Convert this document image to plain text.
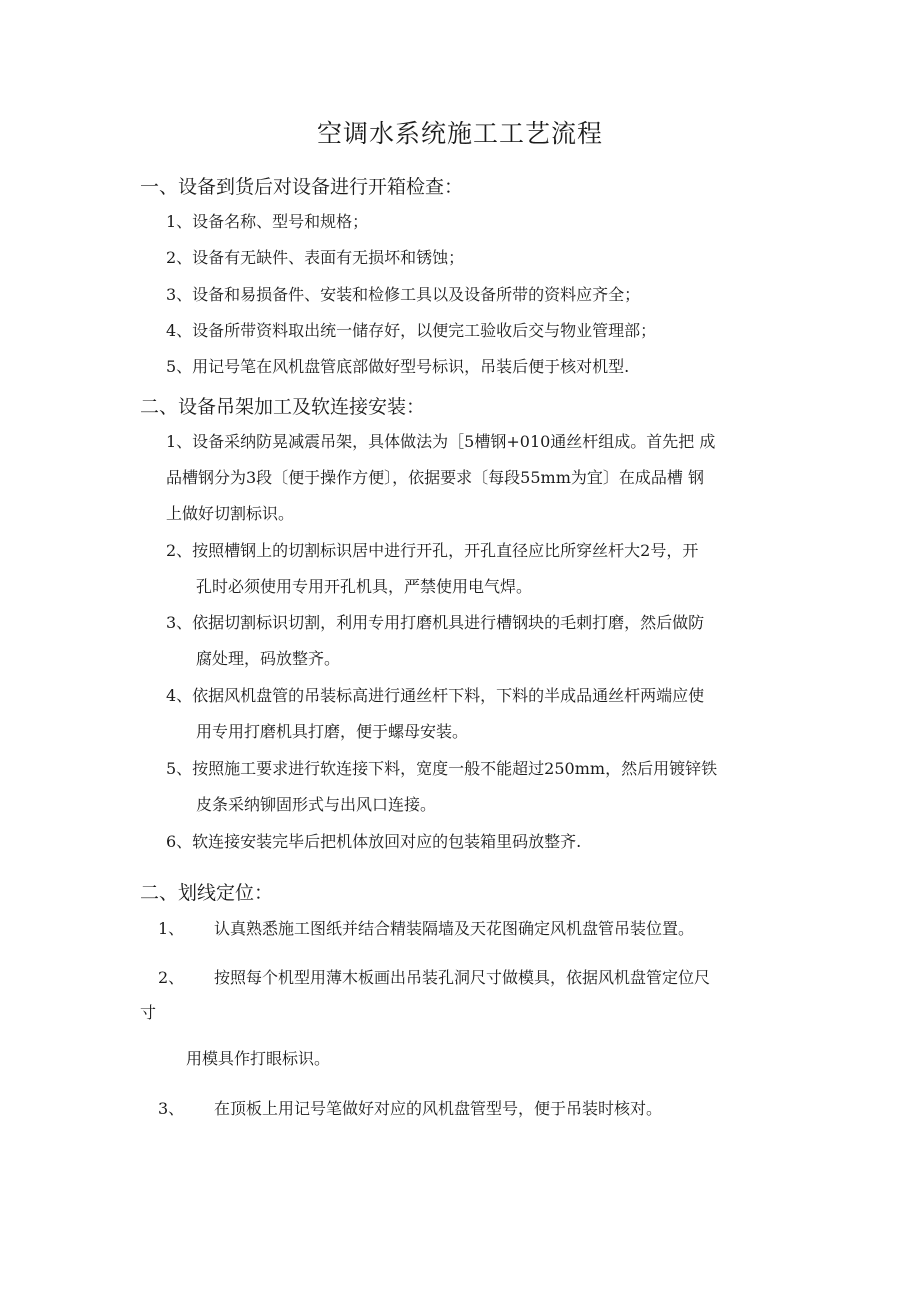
空调水系统施工工艺流程
一、设备到货后对设备进行开箱检查：
1、设备名称、型号和规格；
2、设备有无缺件、表面有无损坏和锈蚀；
3、设备和易损备件、安装和检修工具以及设备所带的资料应齐全；
4、设备所带资料取出统一储存好，以便完工验收后交与物业管理部；
5、用记号笔在风机盘管底部做好型号标识，吊装后便于核对机型.
二、设备吊架加工及软连接安装：
1、设备采纳防晃减震吊架，具体做法为［5槽钢+010通丝杆组成。首先把 成
品槽钢分为3段〔便于操作方便〕，依据要求〔每段55mm为宜〕在成品槽 钢
上做好切割标识。
2、按照槽钢上的切割标识居中进行开孔，开孔直径应比所穿丝杆大2号，开
孔时必须使用专用开孔机具，严禁使用电气焊。
3、依据切割标识切割，利用专用打磨机具进行槽钢块的毛刺打磨，然后做防
腐处理，码放整齐。
4、依据风机盘管的吊装标高进行通丝杆下料，下料的半成品通丝杆两端应使
用专用打磨机具打磨，便于螺母安装。
5、按照施工要求进行软连接下料，宽度一般不能超过250mm，然后用镀锌铁
皮条采纳铆固形式与出风口连接。
6、软连接安装完毕后把机体放回对应的包装箱里码放整齐.
二、划线定位：
1、 认真熟悉施工图纸并结合精装隔墙及天花图确定风机盘管吊装位置。
2、 按照每个机型用薄木板画出吊装孔洞尺寸做模具，依据风机盘管定位尺
寸
用模具作打眼标识。
3、 在顶板上用记号笔做好对应的风机盘管型号，便于吊装时核对。
